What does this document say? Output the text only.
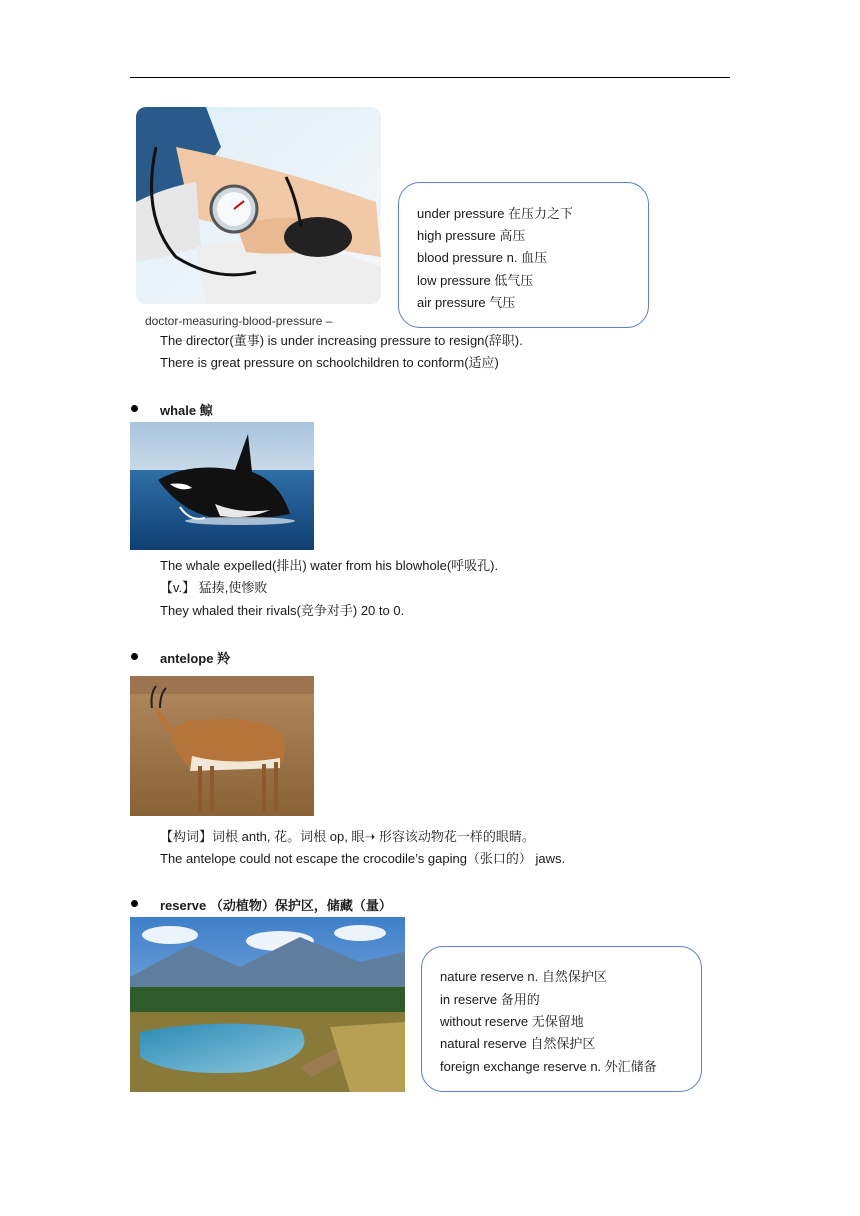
doctor-measuring-blood-pressure –
under pressure 在压力之下
high pressure 高压
blood pressure n. 血压
low pressure 低气压
air pressure 气压
The director(董事) is under increasing pressure to resign(辞职).
There is great pressure on schoolchildren to conform(适应)
whale 鲸
The whale expelled(排出) water from his blowhole(呼吸孔).
【v.】 猛揍,使惨败
They whaled their rivals(竞争对手) 20 to 0.
antelope 羚
【构词】词根 anth, 花。词根 op, 眼➝ 形容该动物花一样的眼睛。
The antelope could not escape the crocodile’s gaping（张口的） jaws.
reserve （动植物）保护区，储藏（量）
nature reserve n. 自然保护区
in reserve 备用的
without reserve 无保留地
natural reserve 自然保护区
foreign exchange reserve n. 外汇储备
